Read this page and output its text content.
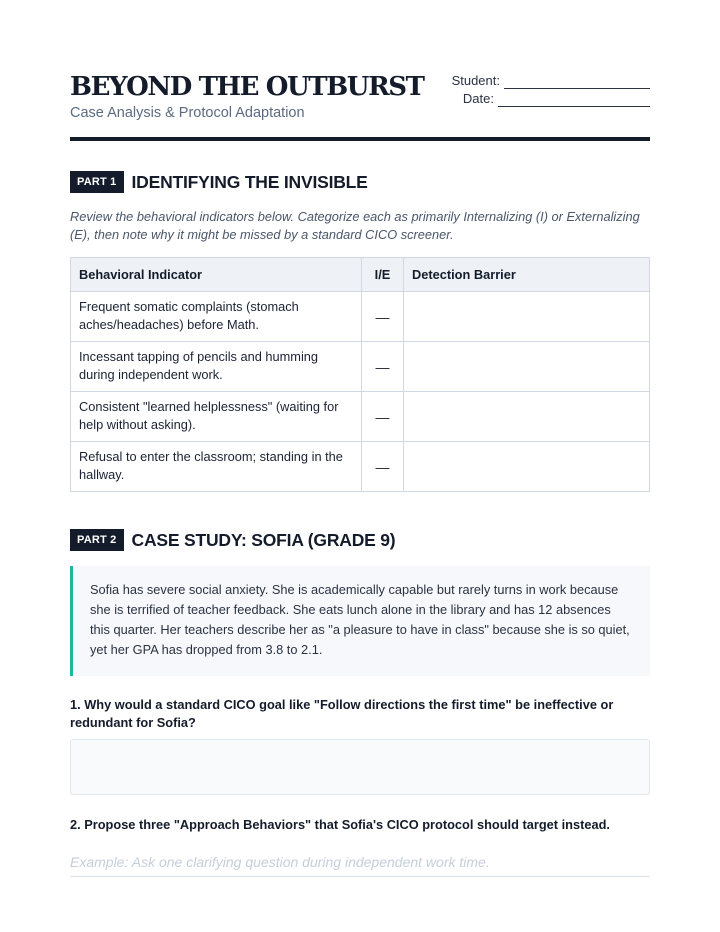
BEYOND THE OUTBURST
Case Analysis & Protocol Adaptation
Student:
Date:
PART 1 IDENTIFYING THE INVISIBLE
Review the behavioral indicators below. Categorize each as primarily Internalizing (I) or Externalizing (E), then note why it might be missed by a standard CICO screener.
Behavioral Indicator	I/E	Detection Barrier
Frequent somatic complaints (stomach aches/headaches) before Math.	—
Incessant tapping of pencils and humming during independent work.	—
Consistent "learned helplessness" (waiting for help without asking).	—
Refusal to enter the classroom; standing in the hallway.	—
PART 2 CASE STUDY: SOFIA (GRADE 9)
Sofia has severe social anxiety. She is academically capable but rarely turns in work because she is terrified of teacher feedback. She eats lunch alone in the library and has 12 absences this quarter. Her teachers describe her as "a pleasure to have in class" because she is so quiet, yet her GPA has dropped from 3.8 to 2.1.
1. Why would a standard CICO goal like "Follow directions the first time" be ineffective or redundant for Sofia?
2. Propose three "Approach Behaviors" that Sofia's CICO protocol should target instead.
Example: Ask one clarifying question during independent work time.
